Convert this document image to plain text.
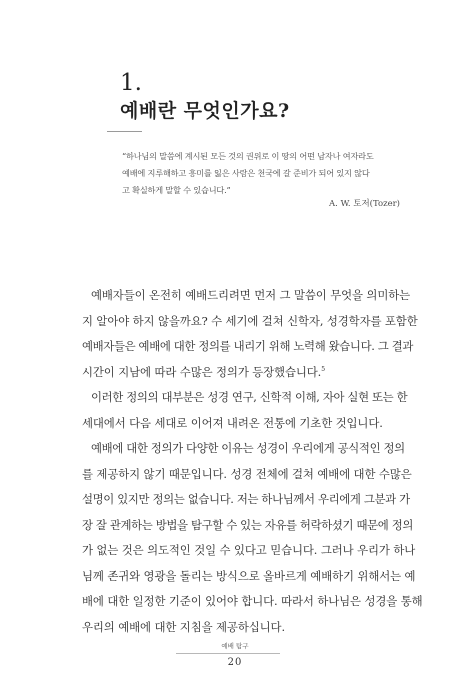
1.
예배란 무엇인가요?
“하나님의 말씀에 계시된 모든 것의 권위로 이 땅의 어떤 남자나 여자라도
예배에 지루해하고 흥미를 잃은 사람은 천국에 갈 준비가 되어 있지 않다
고 확실하게 말할 수 있습니다.”

A. W. 토저(Tozer)

예배자들이 온전히 예배드리려면 먼저 그 말씀이 무엇을 의미하는
지 알아야 하지 않을까요? 수 세기에 걸쳐 신학자, 성경학자를 포함한
예배자들은 예배에 대한 정의를 내리기 위해 노력해 왔습니다. 그 결과
시간이 지남에 따라 수많은 정의가 등장했습니다.$^5$
이러한 정의의 대부분은 성경 연구, 신학적 이해, 자아 실현 또는 한
세대에서 다음 세대로 이어져 내려온 전통에 기초한 것입니다.
예배에 대한 정의가 다양한 이유는 성경이 우리에게 공식적인 정의
를 제공하지 않기 때문입니다. 성경 전체에 걸쳐 예배에 대한 수많은
설명이 있지만 정의는 없습니다. 저는 하나님께서 우리에게 그분과 가
장 잘 관계하는 방법을 탐구할 수 있는 자유를 허락하셨기 때문에 정의
가 없는 것은 의도적인 것일 수 있다고 믿습니다. 그러나 우리가 하나
님께 존귀와 영광을 돌리는 방식으로 올바르게 예배하기 위해서는 예
배에 대한 일정한 기준이 있어야 합니다. 따라서 하나님은 성경을 통해
우리의 예배에 대한 지침을 제공하십니다.

예배 탐구

20
